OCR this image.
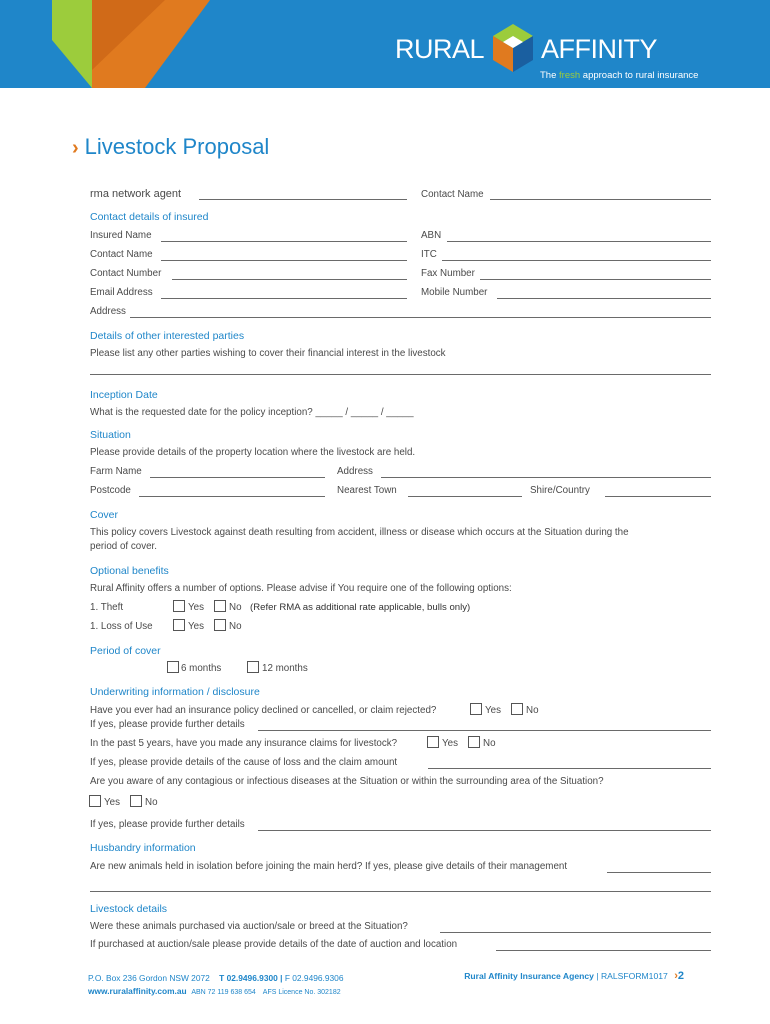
RURAL AFFINITY
The fresh approach to rural insurance
› Livestock Proposal
rma network agent	Contact Name
Contact details of insured
Insured Name	ABN
Contact Name	ITC
Contact Number	Fax Number
Email Address	Mobile Number
Address
Details of other interested parties
Please list any other parties wishing to cover their financial interest in the livestock
Inception Date
What is the requested date for the policy inception? _____ / _____ / _____
Situation
Please provide details of the property location where the livestock are held.
Farm Name	Address
Postcode	Nearest Town	Shire/Country
Cover
This policy covers Livestock against death resulting from accident, illness or disease which occurs at the Situation during the
period of cover.
Optional benefits
Rural Affinity offers a number of options. Please advise if You require one of the following options:
1. Theft	Yes	No (Refer RMA as additional rate applicable, bulls only)
1. Loss of Use	Yes	No
Period of cover
6 months	12 months
Underwriting information / disclosure
Have you ever had an insurance policy declined or cancelled, or claim rejected?	Yes	No
If yes, please provide further details
In the past 5 years, have you made any insurance claims for livestock?	Yes	No
If yes, please provide details of the cause of loss and the claim amount
Are you aware of any contagious or infectious diseases at the Situation or within the surrounding area of the Situation?
Yes	No
If yes, please provide further details
Husbandry information
Are new animals held in isolation before joining the main herd? If yes, please give details of their management
Livestock details
Were these animals purchased via auction/sale or breed at the Situation?
If purchased at auction/sale please provide details of the date of auction and location
P.O. Box 236 Gordon NSW 2072 T 02.9496.9300 | F 02.9496.9306
www.ruralaffinity.com.au ABN 72 119 638 654 AFS Licence No. 302182
Rural Affinity Insurance Agency | RALSFORM1017 ›2
